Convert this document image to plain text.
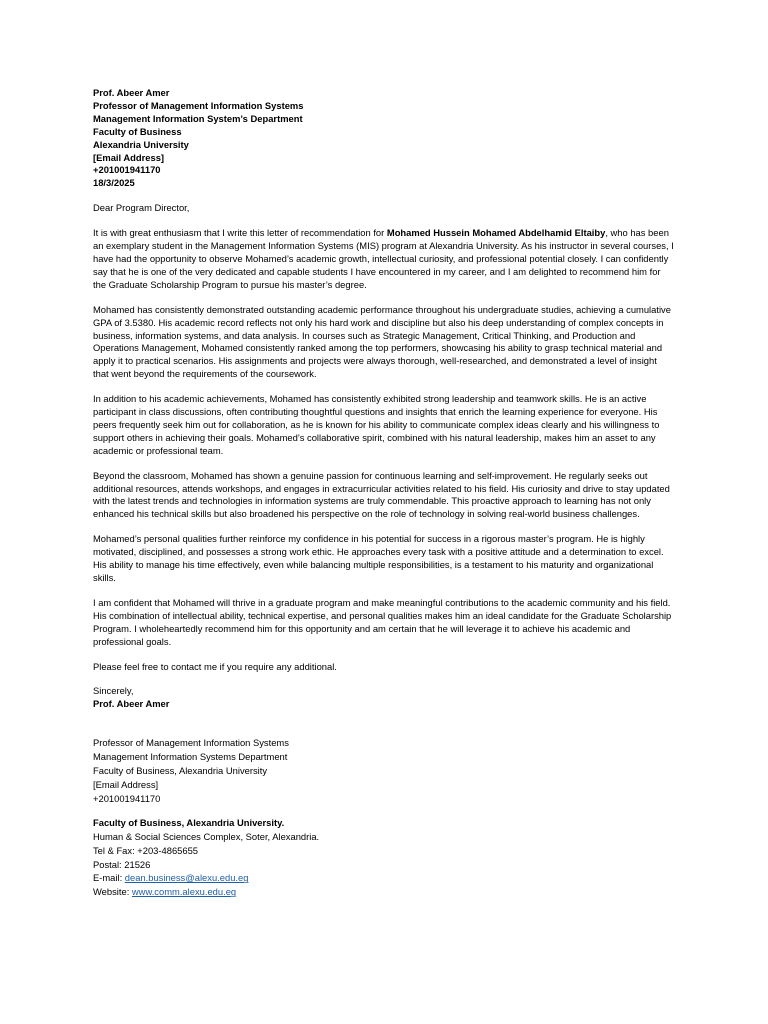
Prof. Abeer Amer
Professor of Management Information Systems
Management Information System’s Department
Faculty of Business
Alexandria University
[Email Address]
+201001941170
18/3/2025

Dear Program Director,

It is with great enthusiasm that I write this letter of recommendation for Mohamed Hussein Mohamed Abdelhamid Eltaiby, who has been an exemplary student in the Management Information Systems (MIS) program at Alexandria University. As his instructor in several courses, I have had the opportunity to observe Mohamed’s academic growth, intellectual curiosity, and professional potential closely. I can confidently say that he is one of the very dedicated and capable students I have encountered in my career, and I am delighted to recommend him for the Graduate Scholarship Program to pursue his master’s degree.

Mohamed has consistently demonstrated outstanding academic performance throughout his undergraduate studies, achieving a cumulative GPA of 3.5380. His academic record reflects not only his hard work and discipline but also his deep understanding of complex concepts in business, information systems, and data analysis. In courses such as Strategic Management, Critical Thinking, and Production and Operations Management, Mohamed consistently ranked among the top performers, showcasing his ability to grasp technical material and apply it to practical scenarios. His assignments and projects were always thorough, well-researched, and demonstrated a level of insight that went beyond the requirements of the coursework.

In addition to his academic achievements, Mohamed has consistently exhibited strong leadership and teamwork skills. He is an active participant in class discussions, often contributing thoughtful questions and insights that enrich the learning experience for everyone. His peers frequently seek him out for collaboration, as he is known for his ability to communicate complex ideas clearly and his willingness to support others in achieving their goals. Mohamed’s collaborative spirit, combined with his natural leadership, makes him an asset to any academic or professional team.

Beyond the classroom, Mohamed has shown a genuine passion for continuous learning and self-improvement. He regularly seeks out additional resources, attends workshops, and engages in extracurricular activities related to his field. His curiosity and drive to stay updated with the latest trends and technologies in information systems are truly commendable. This proactive approach to learning has not only enhanced his technical skills but also broadened his perspective on the role of technology in solving real-world business challenges.

Mohamed’s personal qualities further reinforce my confidence in his potential for success in a rigorous master’s program. He is highly motivated, disciplined, and possesses a strong work ethic. He approaches every task with a positive attitude and a determination to excel. His ability to manage his time effectively, even while balancing multiple responsibilities, is a testament to his maturity and organizational skills.

I am confident that Mohamed will thrive in a graduate program and make meaningful contributions to the academic community and his field. His combination of intellectual ability, technical expertise, and personal qualities makes him an ideal candidate for the Graduate Scholarship Program. I wholeheartedly recommend him for this opportunity and am certain that he will leverage it to achieve his academic and professional goals.

Please feel free to contact me if you require any additional.

Sincerely,

Prof. Abeer Amer

Professor of Management Information Systems
Management Information Systems Department
Faculty of Business, Alexandria University
[Email Address]
+201001941170
Faculty of Business, Alexandria University.
Human & Social Sciences Complex, Soter, Alexandria.
Tel & Fax: +203-4865655
Postal: 21526
E-mail: dean.business@alexu.edu.eg
Website: www.comm.alexu.edu.eg
